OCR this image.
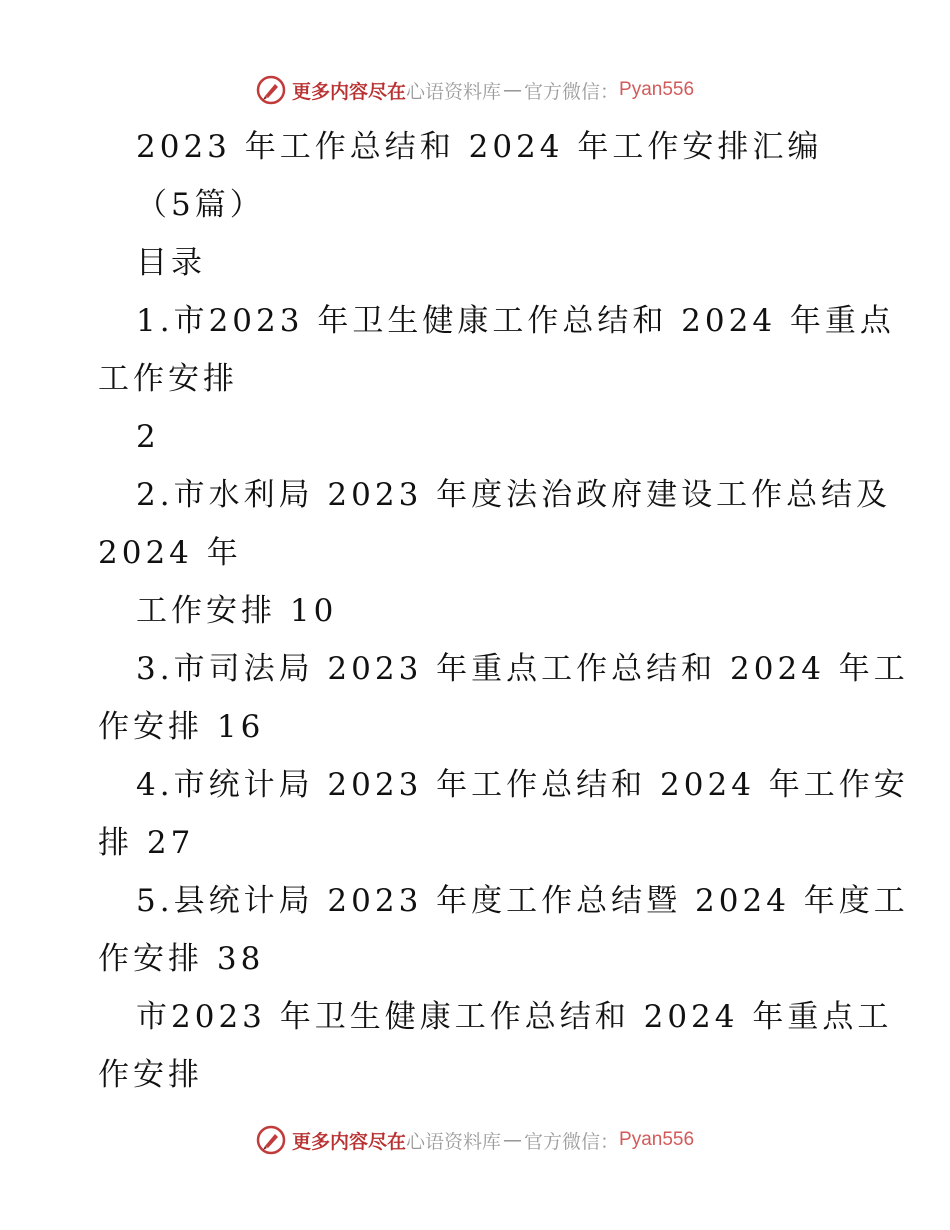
更多内容尽在 心语资料库 — 官方微信： Pyan556
2023 年工作总结和 2024 年工作安排汇编
（5篇）
目录
1.市2023 年卫生健康工作总结和 2024 年重点
工作安排
2
2.市水利局 2023 年度法治政府建设工作总结及
2024 年
工作安排 10
3.市司法局 2023 年重点工作总结和 2024 年工
作安排 16
4.市统计局 2023 年工作总结和 2024 年工作安
排 27
5.县统计局 2023 年度工作总结暨 2024 年度工
作安排 38
市2023 年卫生健康工作总结和 2024 年重点工
作安排
更多内容尽在 心语资料库 — 官方微信： Pyan556
